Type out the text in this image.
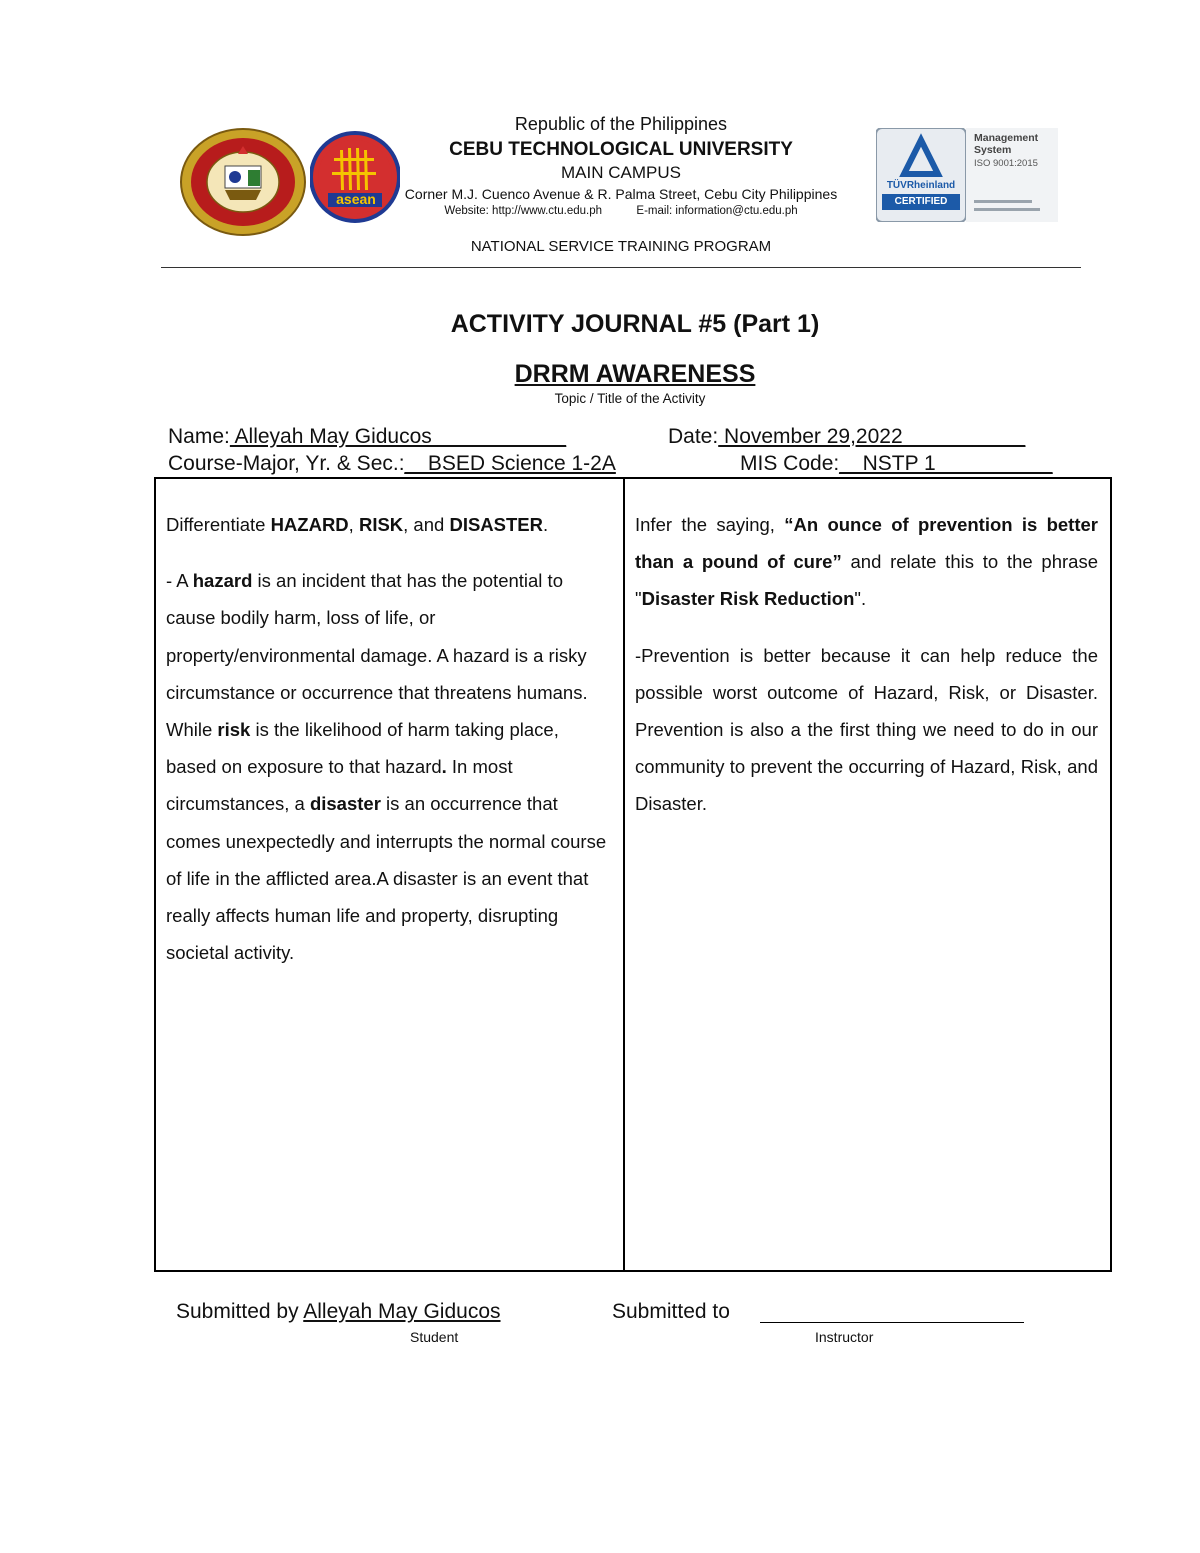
asean
TÜVRheinland
CERTIFIED
Management
System
ISO 9001:2015
Republic of the Philippines
CEBU TECHNOLOGICAL UNIVERSITY
MAIN CAMPUS
Corner M.J. Cuenco Avenue & R. Palma Street, Cebu City Philippines
Website: http://www.ctu.edu.ph	E-mail: information@ctu.edu.ph
NATIONAL SERVICE TRAINING PROGRAM
ACTIVITY JOURNAL #5 (Part 1)
DRRM AWARENESS
Topic / Title of the Activity
Name: Alleyah May Giducos ___________	Date: November 29,2022______ ____
Course-Major, Yr. & Sec.:__BSED Science 1-2A	MIS Code:__NSTP 1__________

Differentiate HAZARD, RISK, and DISASTER.

- A hazard is an incident that has the potential to cause bodily harm, loss of life, or property/environmental damage. A hazard is a risky circumstance or occurrence that threatens humans. While risk is the likelihood of harm taking place, based on exposure to that hazard. In most circumstances, a disaster is an occurrence that comes unexpectedly and interrupts the normal course of life in the afflicted area.A disaster is an event that really affects human life and property, disrupting societal activity.

Infer the saying, “An ounce of prevention is better than a pound of cure” and relate this to the phrase "Disaster Risk Reduction".

-Prevention is better because it can help reduce the possible worst outcome of Hazard, Risk, or Disaster. Prevention is also a the first thing we need to do in our community to prevent the occurring of Hazard, Risk, and Disaster.

Submitted by Alleyah May Giducos
Student
Submitted to
Instructor
